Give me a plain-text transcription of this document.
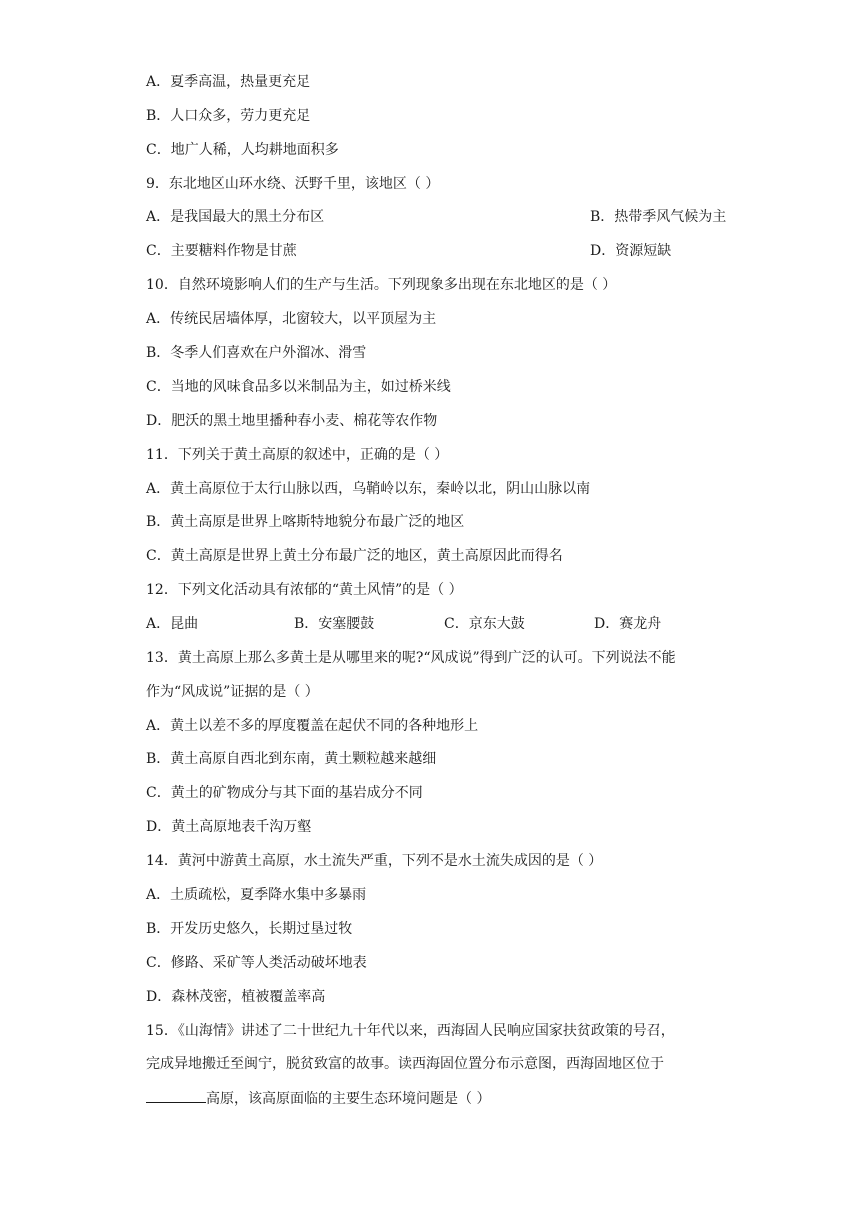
A．夏季高温，热量更充足
B．人口众多，劳力更充足
C．地广人稀，人均耕地面积多
9．东北地区山环水绕、沃野千里，该地区（ ）
A．是我国最大的黑土分布区	B．热带季风气候为主
C．主要糖料作物是甘蔗	D．资源短缺
10．自然环境影响人们的生产与生活。下列现象多出现在东北地区的是（ ）
A．传统民居墙体厚，北窗较大，以平顶屋为主
B．冬季人们喜欢在户外溜冰、滑雪
C．当地的风味食品多以米制品为主，如过桥米线
D．肥沃的黑土地里播种春小麦、棉花等农作物
11．下列关于黄土高原的叙述中，正确的是（ ）
A．黄土高原位于太行山脉以西，乌鞘岭以东，秦岭以北，阴山山脉以南
B．黄土高原是世界上喀斯特地貌分布最广泛的地区
C．黄土高原是世界上黄土分布最广泛的地区，黄土高原因此而得名
12．下列文化活动具有浓郁的“黄土风情”的是（ ）
A．昆曲	B．安塞腰鼓	C．京东大鼓	D．赛龙舟
13．黄土高原上那么多黄土是从哪里来的呢?“风成说”得到广泛的认可。下列说法不能
作为“风成说”证据的是（ ）
A．黄土以差不多的厚度覆盖在起伏不同的各种地形上
B．黄土高原自西北到东南，黄土颗粒越来越细
C．黄土的矿物成分与其下面的基岩成分不同
D．黄土高原地表千沟万壑
14．黄河中游黄土高原，水土流失严重，下列不是水土流失成因的是（ ）
A．土质疏松，夏季降水集中多暴雨
B．开发历史悠久，长期过垦过牧
C．修路、采矿等人类活动破坏地表
D．森林茂密，植被覆盖率高
15．《山海情》讲述了二十世纪九十年代以来，西海固人民响应国家扶贫政策的号召，
完成异地搬迁至闽宁，脱贫致富的故事。读西海固位置分布示意图，西海固地区位于
高原，该高原面临的主要生态环境问题是（ ）
